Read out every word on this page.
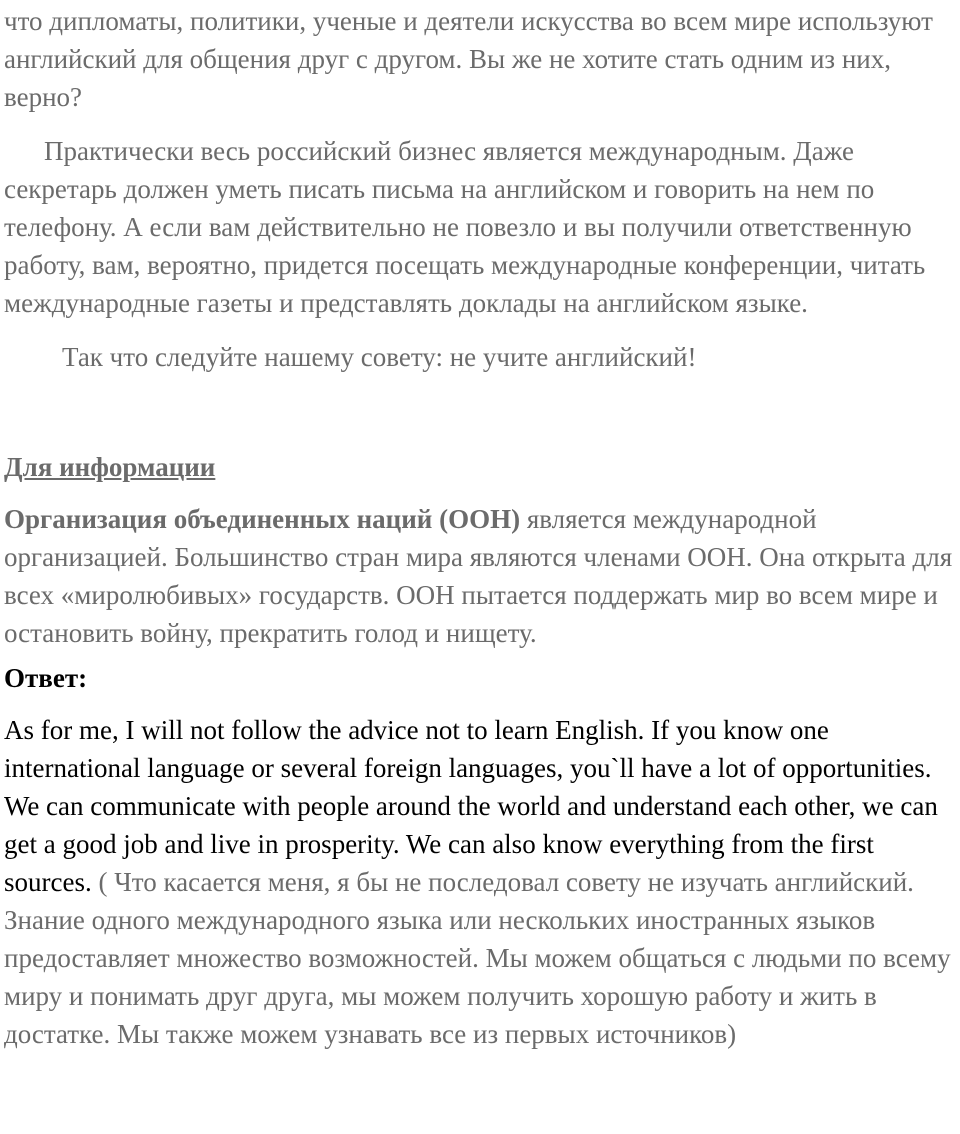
что дипломаты, политики, ученые и деятели искусства во всем мире используют английский для общения друг с другом. Вы же не хотите стать одним из них, верно?

Практически весь российский бизнес является международным. Даже секретарь должен уметь писать письма на английском и говорить на нем по телефону. А если вам действительно не повезло и вы получили ответственную работу, вам, вероятно, придется посещать международные конференции, читать международные газеты и представлять доклады на английском языке.

Так что следуйте нашему совету: не учите английский!

Для информации

Организация объединенных наций (ООН) является международной организацией. Большинство стран мира являются членами ООН. Она открыта для всех «миролюбивых» государств. ООН пытается поддержать мир во всем мире и остановить войну, прекратить голод и нищету.

Ответ:

As for me, I will not follow the advice not to learn English. If you know one international language or several foreign languages, you`ll have a lot of opportunities. We can communicate with people around the world and understand each other, we can get a good job and live in prosperity. We can also know everything from the first sources. ( Что касается меня, я бы не последовал совету не изучать английский. Знание одного международного языка или нескольких иностранных языков предоставляет множество возможностей. Мы можем общаться с людьми по всему миру и понимать друг друга, мы можем получить хорошую работу и жить в достатке. Мы также можем узнавать все из первых источников)
